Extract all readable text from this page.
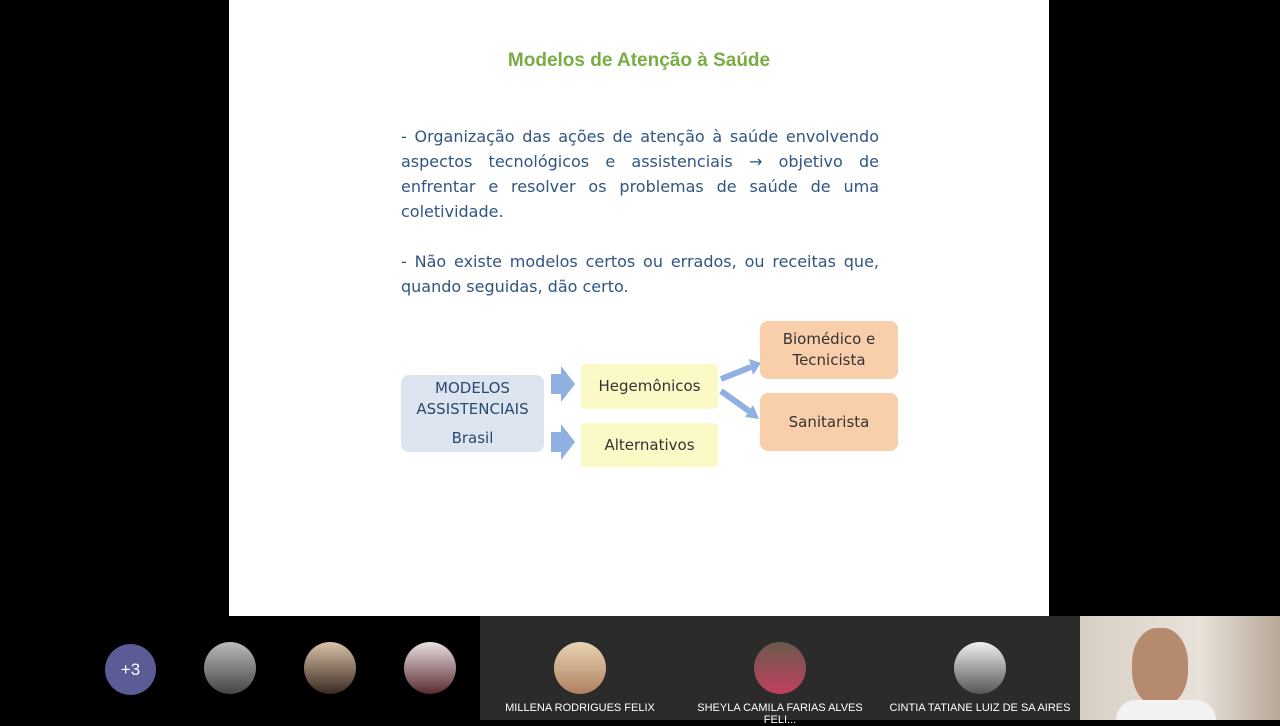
Modelos de Atenção à Saúde
- Organização das ações de atenção à saúde envolvendo aspectos tecnológicos e assistenciais → objetivo de enfrentar e resolver os problemas de saúde de uma coletividade.
- Não existe modelos certos ou errados, ou receitas que, quando seguidas, dão certo.
MODELOS
ASSISTENCIAIS
Brasil
Hegemônicos
Alternativos
Biomédico e
Tecnicista
Sanitarista
+3
MILLENA RODRIGUES FELIX	SHEYLA CAMILA FARIAS ALVES FELI...
CINTIA TATIANE LUIZ DE SA AIRES
